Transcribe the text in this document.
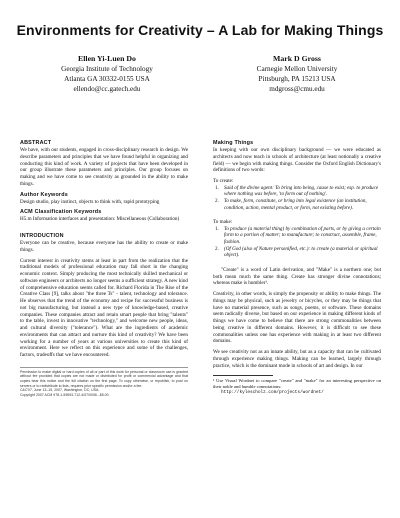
Environments for Creativity – A Lab for Making Things
Ellen Yi-Luen Do
Georgia Institute of Technology
Atlanta GA 30332-0155 USA
ellendo@cc.gatech.edu
Mark D Gross
Carnegie Mellon University
Pittsburgh, PA 15213 USA
mdgross@cmu.edu

ABSTRACT

We have, with our students, engaged in cross-disciplinary research in design. We describe parameters and principles that we have found helpful in organizing and conducting this kind of work. A variety of projects that have been developed in our group illustrate these parameters and principles. Our group focuses on making and we have come to see creativity as grounded in the ability to make things.

Author Keywords

Design studio, play instinct, objects to think with, rapid prototyping

ACM Classification Keywords

H5.m Information interfaces and presentation: Miscellaneous (Collaboration)

INTRODUCTION

Everyone can be creative, because everyone has the ability to create or make things.

Current interest in creativity stems at least in part from the realization that the traditional models of professional education may fall short in the changing economic context. Simply producing the most technically skilled mechanical or software engineers or architects no longer seems a sufficient strategy. A new kind of comprehensive education seems called for. Richard Florida in The Rise of the Creative Class [9], talks about "the three Ts" - talent, technology and tolerance. He observes that the trend of the economy and recipe for successful business is not big manufacturing, but instead a new type of knowledge-based, creative companies. These companies attract and retain smart people that bring "talents" to the table, invest in innovative "technology," and welcome new people, ideas, and cultural diversity ("tolerance"). What are the ingredients of academic environments that can attract and nurture this kind of creativity? We have been working for a number of years at various universities to create this kind of environment. Here we reflect on this experience and some of the challenges, factors, tradeoffs that we have encountered.

Permission to make digital or hard copies of all or part of this work for personal or classroom use is granted without fee provided that copies are not made or distributed for profit or commercial advantage and that copies bear this notice and the full citation on the first page. To copy otherwise, or republish, to post on servers or to redistribute to lists, requires prior specific permission and/or a fee.
C&C'07, June 13–15, 2007, Washington, DC, USA.
Copyright 2007 ACM 978-1-59593-712-4/07/0006...$5.00.

Making Things

In keeping with our own disciplinary background — we were educated as architects and now teach in schools of architecture (at least notionally a creative field) — we begin with making things. Consider the Oxford English Dictionary's definitions of two words:

To create:

1. Said of the divine agent: To bring into being, cause to exist; esp. to produce where nothing was before, 'to form out of nothing'.
2. To make, form, constitute, or bring into legal existence (an institution, condition, action, mental product, or form, not existing before).

To make:

1. To produce (a material thing) by combination of parts, or by giving a certain form to a portion of matter; to manufacture; to construct, assemble, frame, fashion.
2. (Of God (also of Nature personified, etc.): to create (a material or spiritual object).

"Create" is a word of Latin derivation, and "Make" is a northern one; but both mean much the same thing. Create has stronger divine connotations; whereas make is humbler¹.

Creativity, in other words, is simply the propensity or ability to make things. The things may be physical, such as jewelry or bicycles, or they may be things that have no material presence, such as songs, poems, or software. These domains seem radically diverse, but based on our experience in making different kinds of things we have come to believe that there are strong commonalities between being creative in different domains. However, it is difficult to see these commonalities unless one has experience with making in at least two different domains.

We see creativity not as an innate ability, but as a capacity that can be cultivated through experience making things. Making can be learned, largely through practice, which is the dominant mode in schools of art and design. In our

¹ Use Visual Wordnet to compare "create" and "make" for an interesting perspective on their noble and humble connotations:

http://kylescholz.com/projects/wordnet/
